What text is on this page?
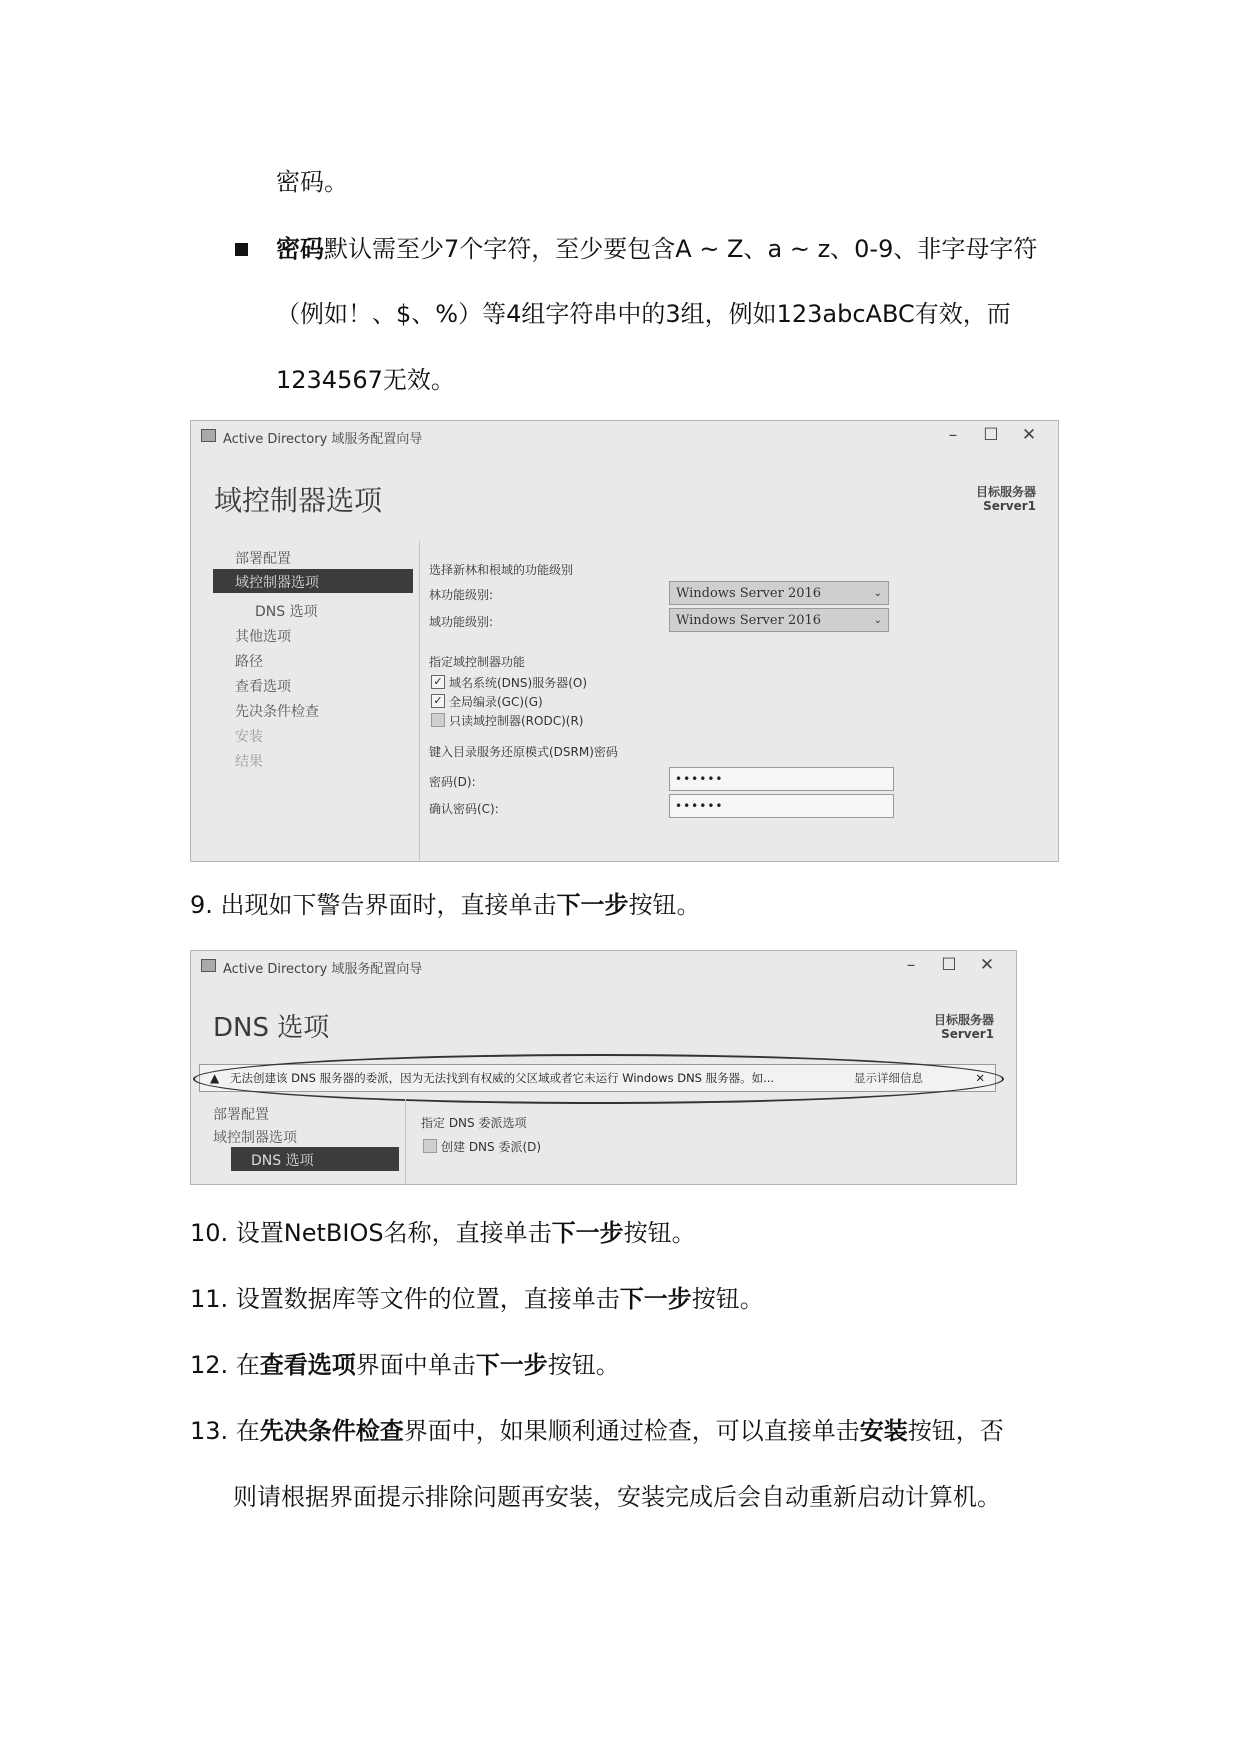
密码。
密码默认需至少7个字符，至少要包含A ~ Z、a ~ z、0-9、非字母字符
（例如！、$、%）等4组字符串中的3组，例如123abcABC有效，而
1234567无效。
Active Directory 域服务配置向导	–	☐	✕
域控制器选项	目标服务器
Server1
部署配置
域控制器选项
DNS 选项
其他选项
路径
查看选项
先决条件检查
安装
结果
选择新林和根域的功能级别
林功能级别:	Windows Server 2016	⌄
域功能级别:	Windows Server 2016	⌄
指定域控制器功能
✓ 域名系统(DNS)服务器(O)
✓ 全局编录(GC)(G)
只读域控制器(RODC)(R)
键入目录服务还原模式(DSRM)密码
密码(D):	••••••
确认密码(C):	••••••
9. 出现如下警告界面时，直接单击下一步按钮。
Active Directory 域服务配置向导	–	☐	✕
DNS 选项	目标服务器
Server1
▲ 无法创建该 DNS 服务器的委派，因为无法找到有权威的父区域或者它未运行 Windows DNS 服务器。如...	显示详细信息	✕
部署配置
域控制器选项
DNS 选项
指定 DNS 委派选项
创建 DNS 委派(D)
10. 设置NetBIOS名称，直接单击下一步按钮。
11. 设置数据库等文件的位置，直接单击下一步按钮。
12. 在查看选项界面中单击下一步按钮。
13. 在先决条件检查界面中，如果顺利通过检查，可以直接单击安装按钮，否
则请根据界面提示排除问题再安装，安装完成后会自动重新启动计算机。
